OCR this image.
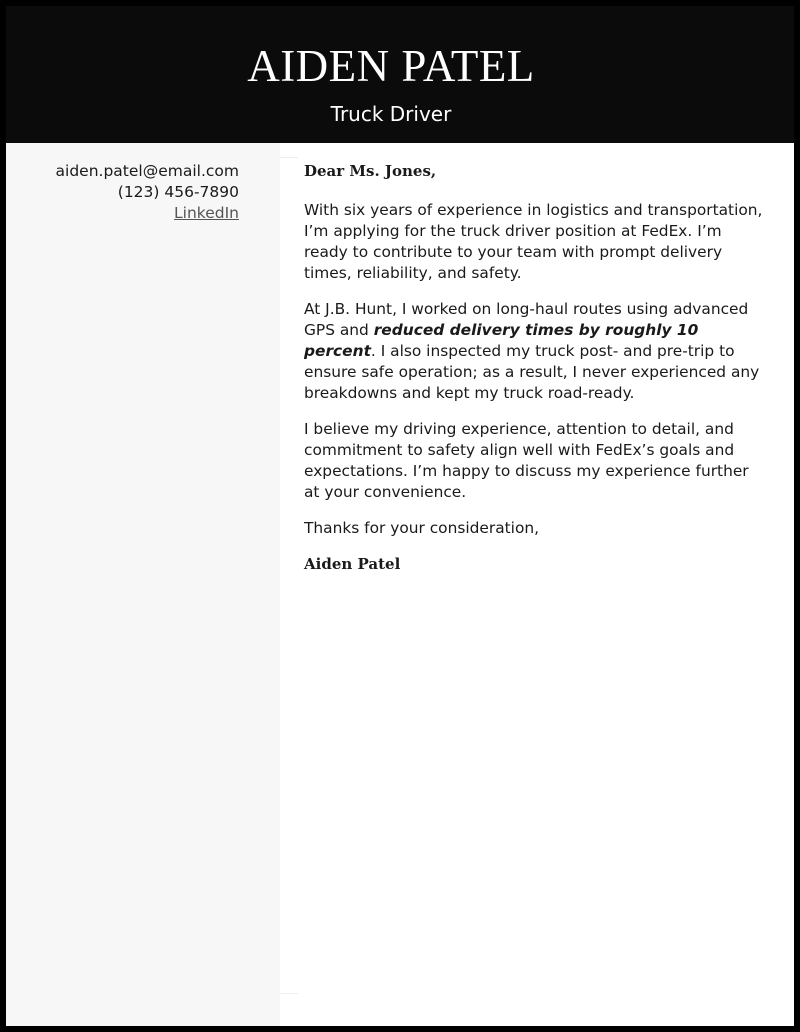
AIDEN PATEL
Truck Driver
aiden.patel@email.com
(123) 456-7890
LinkedIn

Dear Ms. Jones,

With six years of experience in logistics and transportation, I’m applying for the truck driver position at FedEx. I’m ready to contribute to your team with prompt delivery times, reliability, and safety.

At J.B. Hunt, I worked on long-haul routes using advanced GPS and reduced delivery times by roughly 10 percent. I also inspected my truck post- and pre-trip to ensure safe operation; as a result, I never experienced any breakdowns and kept my truck road-ready.

I believe my driving experience, attention to detail, and commitment to safety align well with FedEx’s goals and expectations. I’m happy to discuss my experience further at your convenience.

Thanks for your consideration,

Aiden Patel
